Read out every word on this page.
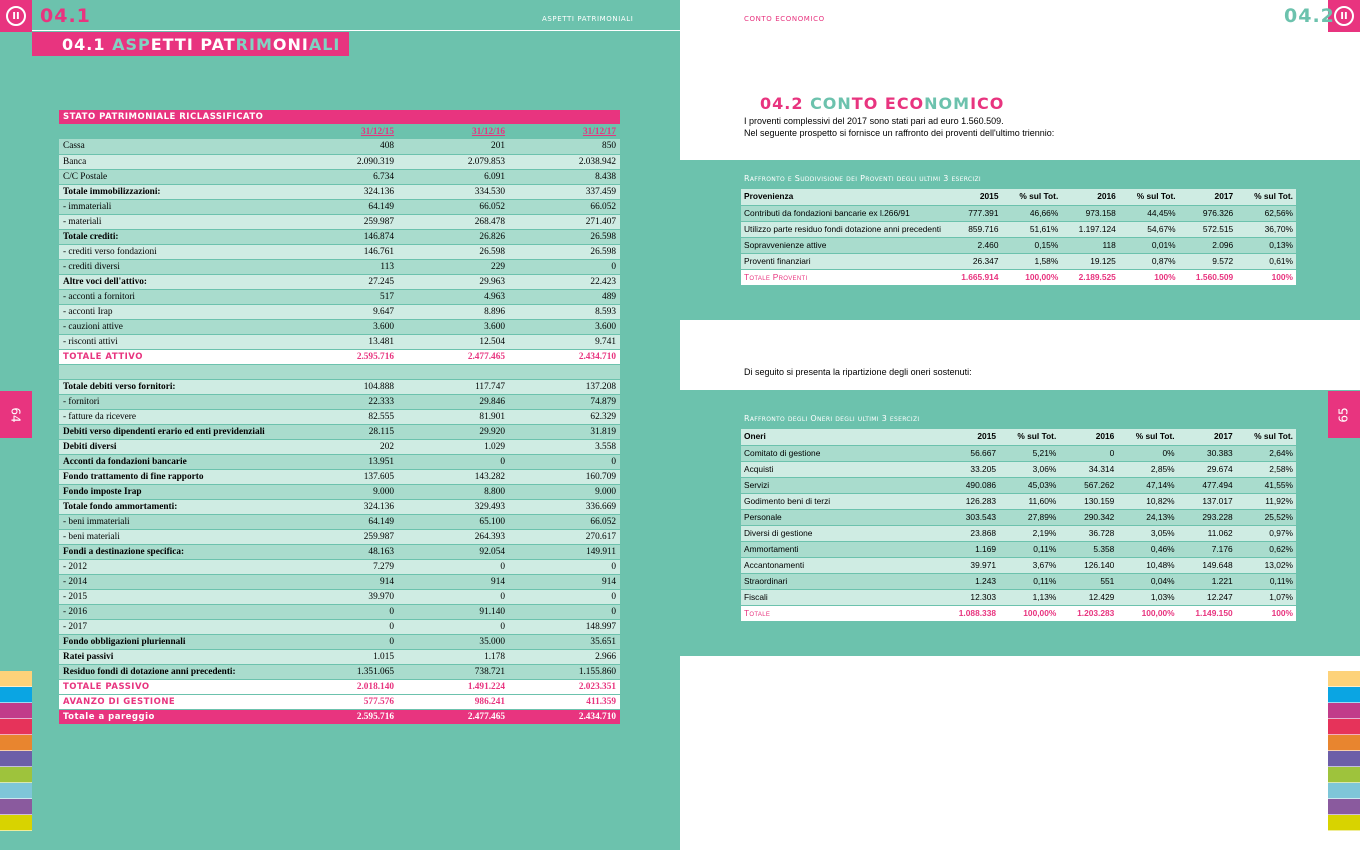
II	04.1	ASPETTI PATRIMONIALI
04.1 ASPETTI PATRIMONIALI
STATO PATRIMONIALE RICLASSIFICATO			
	31/12/15	31/12/16	31/12/17
Cassa	408	201	850
Banca	2.090.319	2.079.853	2.038.942
C/C Postale	6.734	6.091	8.438
Totale immobilizzazioni:	324.136	334.530	337.459
- immateriali	64.149	66.052	66.052
- materiali	259.987	268.478	271.407
Totale crediti:	146.874	26.826	26.598
- crediti verso fondazioni	146.761	26.598	26.598
- crediti diversi	113	229	0
Altre voci dell'attivo:	27.245	29.963	22.423
- acconti a fornitori	517	4.963	489
- acconti Irap	9.647	8.896	8.593
- cauzioni attive	3.600	3.600	3.600
- risconti attivi	13.481	12.504	9.741
TOTALE ATTIVO	2.595.716	2.477.465	2.434.710

Totale debiti verso fornitori:	104.888	117.747	137.208
- fornitori	22.333	29.846	74.879
- fatture da ricevere	82.555	81.901	62.329
Debiti verso dipendenti erario ed enti previdenziali	28.115	29.920	31.819
Debiti diversi	202	1.029	3.558
Acconti da fondazioni bancarie	13.951	0	0
Fondo trattamento di fine rapporto	137.605	143.282	160.709
Fondo imposte Irap	9.000	8.800	9.000
Totale fondo ammortamenti:	324.136	329.493	336.669
- beni immateriali	64.149	65.100	66.052
- beni materiali	259.987	264.393	270.617
Fondi a destinazione specifica:	48.163	92.054	149.911
- 2012	7.279	0	0
- 2014	914	914	914
- 2015	39.970	0	0
- 2016	0	91.140	0
- 2017	0	0	148.997
Fondo obbligazioni pluriennali	0	35.000	35.651
Ratei passivi	1.015	1.178	2.966
Residuo fondi di dotazione anni precedenti:	1.351.065	738.721	1.155.860
TOTALE PASSIVO	2.018.140	1.491.224	2.023.351
AVANZO DI GESTIONE	577.576	986.241	411.359
Totale a pareggio	2.595.716	2.477.465	2.434.710
64
II
04.2
CONTO ECONOMICO
04.2 CONTO ECONOMICO
I proventi complessivi del 2017 sono stati pari ad euro 1.560.509.
Nel seguente prospetto si fornisce un raffronto dei proventi dell'ultimo triennio:
Raffronto e Suddivisione dei Proventi degli ultimi 3 esercizi
Provenienza	2015	% sul Tot.	2016	% sul Tot.	2017	% sul Tot.
Contributi da fondazioni bancarie ex l.266/91	777.391	46,66%	973.158	44,45%	976.326	62,56%
Utilizzo parte residuo fondi dotazione anni precedenti	859.716	51,61%	1.197.124	54,67%	572.515	36,70%
Sopravvenienze attive	2.460	0,15%	118	0,01%	2.096	0,13%
Proventi finanziari	26.347	1,58%	19.125	0,87%	9.572	0,61%
Totale Proventi	1.665.914	100,00%	2.189.525	100%	1.560.509	100%
Di seguito si presenta la ripartizione degli oneri sostenuti:
Raffronto degli Oneri degli ultimi 3 esercizi
Oneri	2015	% sul Tot.	2016	% sul Tot.	2017	% sul Tot.
Comitato di gestione	56.667	5,21%	0	0%	30.383	2,64%
Acquisti	33.205	3,06%	34.314	2,85%	29.674	2,58%
Servizi	490.086	45,03%	567.262	47,14%	477.494	41,55%
Godimento beni di terzi	126.283	11,60%	130.159	10,82%	137.017	11,92%
Personale	303.543	27,89%	290.342	24,13%	293.228	25,52%
Diversi di gestione	23.868	2,19%	36.728	3,05%	11.062	0,97%
Ammortamenti	1.169	0,11%	5.358	0,46%	7.176	0,62%
Accantonamenti	39.971	3,67%	126.140	10,48%	149.648	13,02%
Straordinari	1.243	0,11%	551	0,04%	1.221	0,11%
Fiscali	12.303	1,13%	12.429	1,03%	12.247	1,07%
Totale	1.088.338	100,00%	1.203.283	100,00%	1.149.150	100%
65
